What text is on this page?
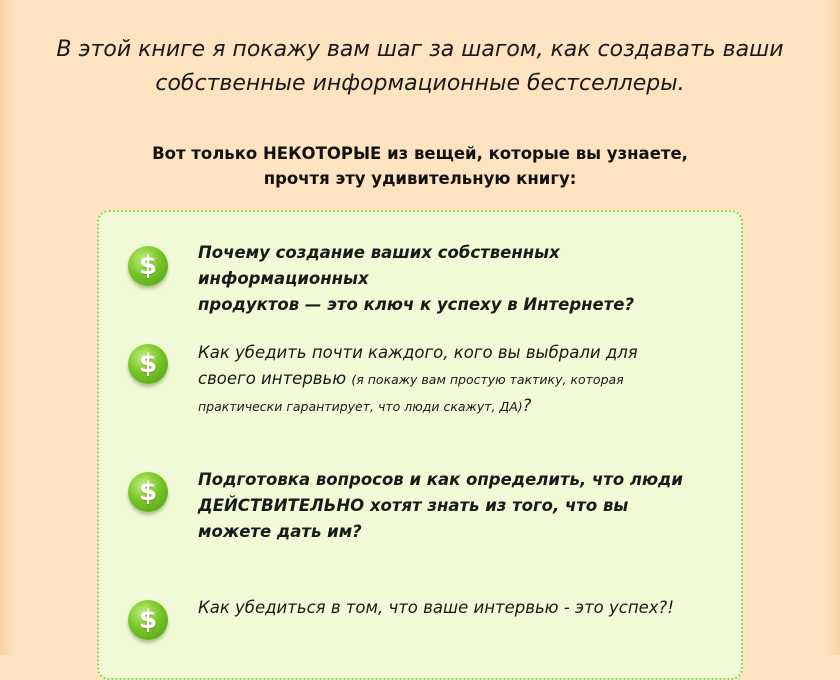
В этой книге я покажу вам шаг за шагом, как создавать ваши
собственные информационные бестселлеры.
Вот только НЕКОТОРЫЕ из вещей, которые вы узнаете,
прочтя эту удивительную книгу:
$ Почему создание ваших собственных информационных
продуктов — это ключ к успеху в Интернете?
$ Как убедить почти каждого, кого вы выбрали для
своего интервью (я покажу вам простую тактику, которая
практически гарантирует, что люди скажут, ДА)?
$ Подготовка вопросов и как определить, что люди
ДЕЙСТВИТЕЛЬНО хотят знать из того, что вы
можете дать им?
$ Как убедиться в том, что ваше интервью - это успех?!
